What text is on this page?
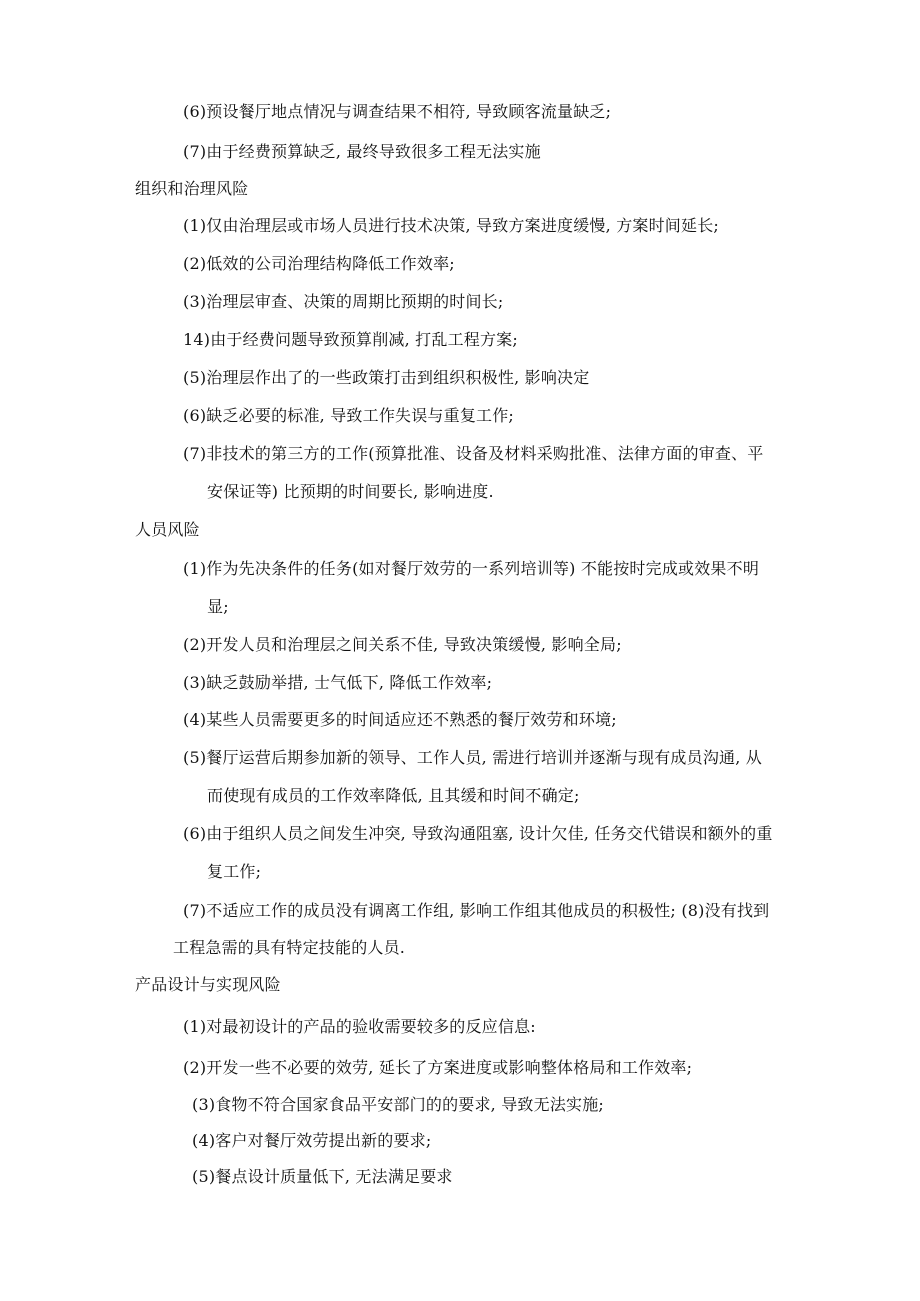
(6)预设餐厅地点情况与调查结果不相符, 导致顾客流量缺乏;
(7)由于经费预算缺乏, 最终导致很多工程无法实施
组织和治理风险
(1)仅由治理层或市场人员进行技术决策, 导致方案进度缓慢, 方案时间延长;
(2)低效的公司治理结构降低工作效率;
(3)治理层审查、决策的周期比预期的时间长;
14)由于经费问题导致预算削减, 打乱工程方案;
(5)治理层作出了的一些政策打击到组织积极性, 影响决定
(6)缺乏必要的标准, 导致工作失误与重复工作;
(7)非技术的第三方的工作(预算批准、设备及材料采购批准、法律方面的审查、平
安保证等) 比预期的时间要长, 影响进度.
人员风险
(1)作为先决条件的任务(如对餐厅效劳的一系列培训等) 不能按时完成或效果不明
显;
(2)开发人员和治理层之间关系不佳, 导致决策缓慢, 影响全局;
(3)缺乏鼓励举措, 士气低下, 降低工作效率;
(4)某些人员需要更多的时间适应还不熟悉的餐厅效劳和环境;
(5)餐厅运营后期参加新的领导、工作人员, 需进行培训并逐渐与现有成员沟通, 从
而使现有成员的工作效率降低, 且其缓和时间不确定;
(6)由于组织人员之间发生冲突, 导致沟通阻塞, 设计欠佳, 任务交代错误和额外的重
复工作;
(7)不适应工作的成员没有调离工作组, 影响工作组其他成员的积极性; (8)没有找到
工程急需的具有特定技能的人员.
产品设计与实现风险
(1)对最初设计的产品的验收需要较多的反应信息:
(2)开发一些不必要的效劳, 延长了方案进度或影响整体格局和工作效率;
(3)食物不符合国家食品平安部门的的要求, 导致无法实施;
(4)客户对餐厅效劳提出新的要求;
(5)餐点设计质量低下, 无法满足要求
